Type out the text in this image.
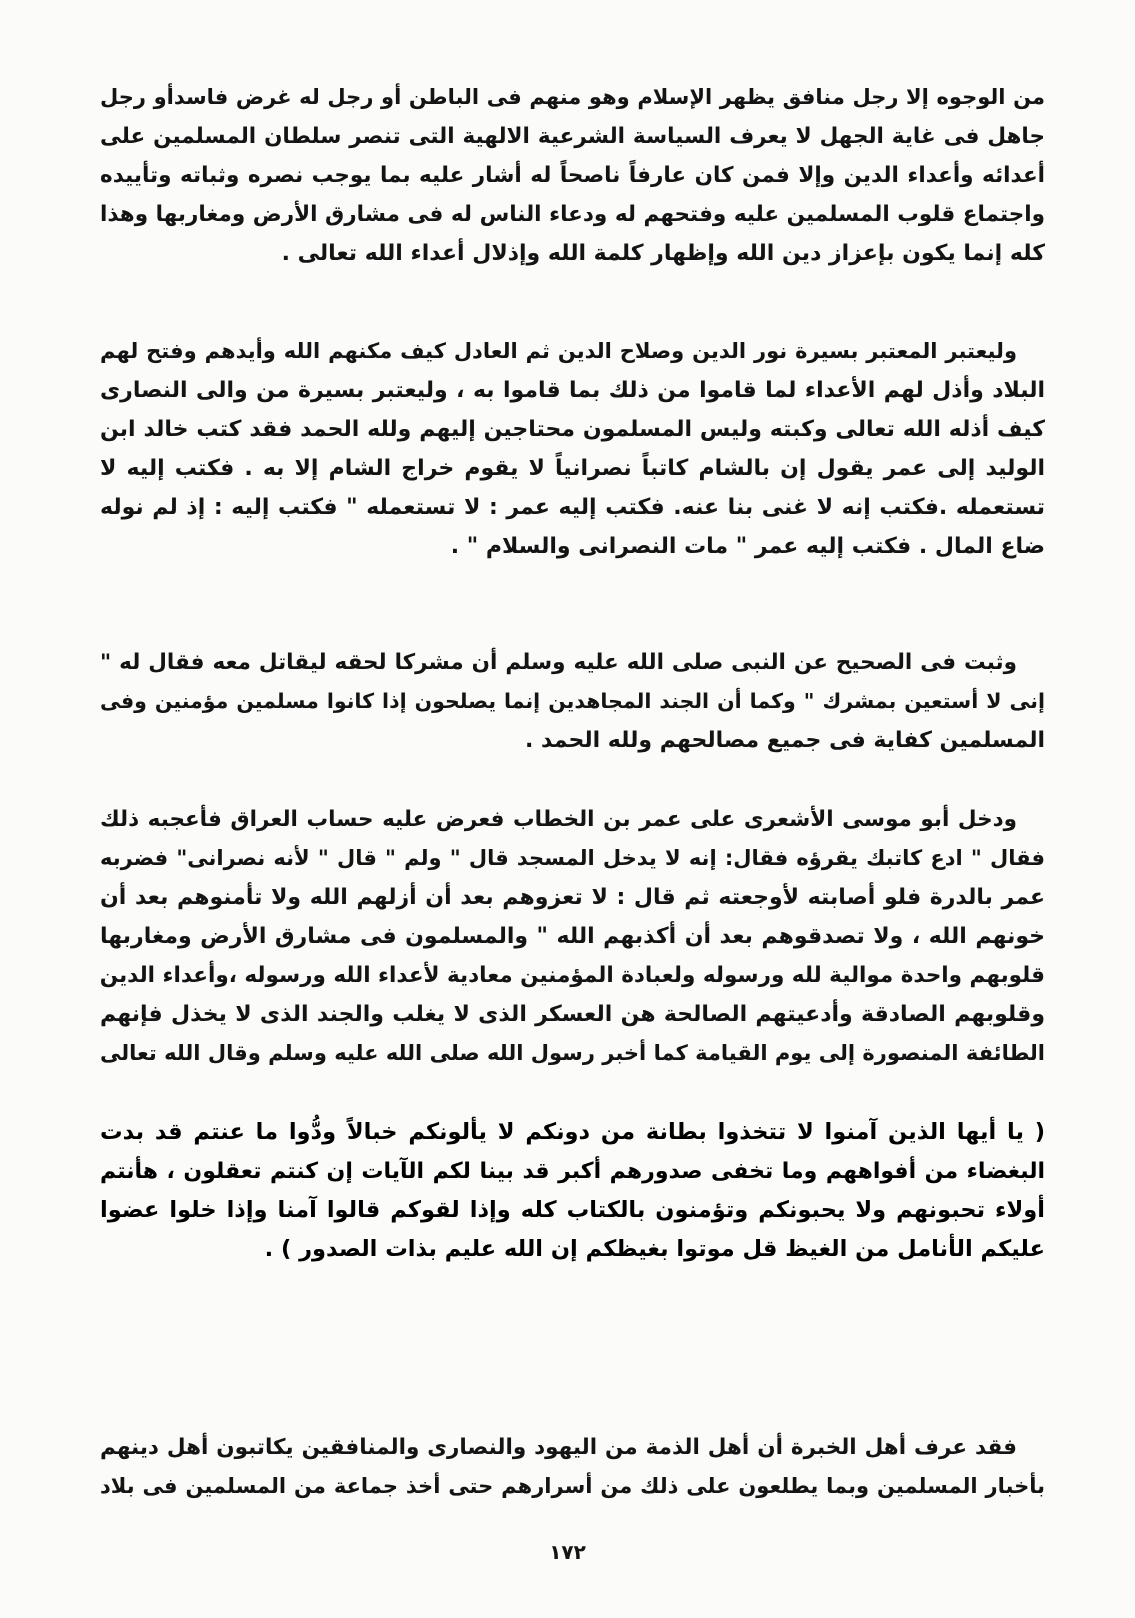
من الوجوه إلا رجل منافق يظهر الإسلام وهو منهم فى الباطن أو رجل له غرض فاسدأو رجل
جاهل فى غاية الجهل لا يعرف السياسة الشرعية الالهية التى تنصر سلطان المسلمين على
أعدائه وأعداء الدين وإلا فمن كان عارفاً ناصحاً له أشار عليه بما يوجب نصره وثباته وتأييده
واجتماع قلوب المسلمين عليه وفتحهم له ودعاء الناس له فى مشارق الأرض ومغاربها وهذا
كله إنما يكون بإعزاز دين الله وإظهار كلمة الله وإذلال أعداء الله تعالى .
وليعتبر المعتبر بسيرة نور الدين وصلاح الدين ثم العادل كيف مكنهم الله وأيدهم وفتح لهم
البلاد وأذل لهم الأعداء لما قاموا من ذلك بما قاموا به ، وليعتبر بسيرة من والى النصارى
كيف أذله الله تعالى وكبته وليس المسلمون محتاجين إليهم ولله الحمد فقد كتب خالد ابن
الوليد إلى عمر يقول إن بالشام كاتباً نصرانياً لا يقوم خراج الشام إلا به . فكتب إليه لا
تستعمله .فكتب إنه لا غنى بنا عنه. فكتب إليه عمر : لا تستعمله " فكتب إليه : إذ لم نوله
ضاع المال . فكتب إليه عمر " مات النصرانى والسلام " .
وثبت فى الصحيح عن النبى صلى الله عليه وسلم أن مشركا لحقه ليقاتل معه فقال له "
إنى لا أستعين بمشرك " وكما أن الجند المجاهدين إنما يصلحون إذا كانوا مسلمين مؤمنين وفى
المسلمين كفاية فى جميع مصالحهم ولله الحمد .
ودخل أبو موسى الأشعرى على عمر بن الخطاب فعرض عليه حساب العراق فأعجبه ذلك
فقال " ادع كاتبك يقرؤه فقال: إنه لا يدخل المسجد قال " ولم " قال " لأنه نصرانى" فضربه
عمر بالدرة فلو أصابته لأوجعته ثم قال : لا تعزوهم بعد أن أزلهم الله ولا تأمنوهم بعد أن
خونهم الله ، ولا تصدقوهم بعد أن أكذبهم الله " والمسلمون فى مشارق الأرض ومغاربها
قلوبهم واحدة موالية لله ورسوله ولعبادة المؤمنين معادية لأعداء الله ورسوله ،وأعداء الدين
وقلوبهم الصادقة وأدعيتهم الصالحة هن العسكر الذى لا يغلب والجند الذى لا يخذل فإنهم
الطائفة المنصورة إلى يوم القيامة كما أخبر رسول الله صلى الله عليه وسلم وقال الله تعالى
( يا أيها الذين آمنوا لا تتخذوا بطانة من دونكم لا يألونكم خبالاً ودُّوا ما عنتم قد بدت
البغضاء من أفواههم وما تخفى صدورهم أكبر قد بينا لكم الآيات إن كنتم تعقلون ، هأنتم
أولاء تحبونهم ولا يحبونكم وتؤمنون بالكتاب كله وإذا لقوكم قالوا آمنا وإذا خلوا عضوا
عليكم الأنامل من الغيظ قل موتوا بغيظكم إن الله عليم بذات الصدور ) .
فقد عرف أهل الخبرة أن أهل الذمة من اليهود والنصارى والمنافقين يكاتبون أهل دينهم
بأخبار المسلمين وبما يطلعون على ذلك من أسرارهم حتى أخذ جماعة من المسلمين فى بلاد
١٧٢
